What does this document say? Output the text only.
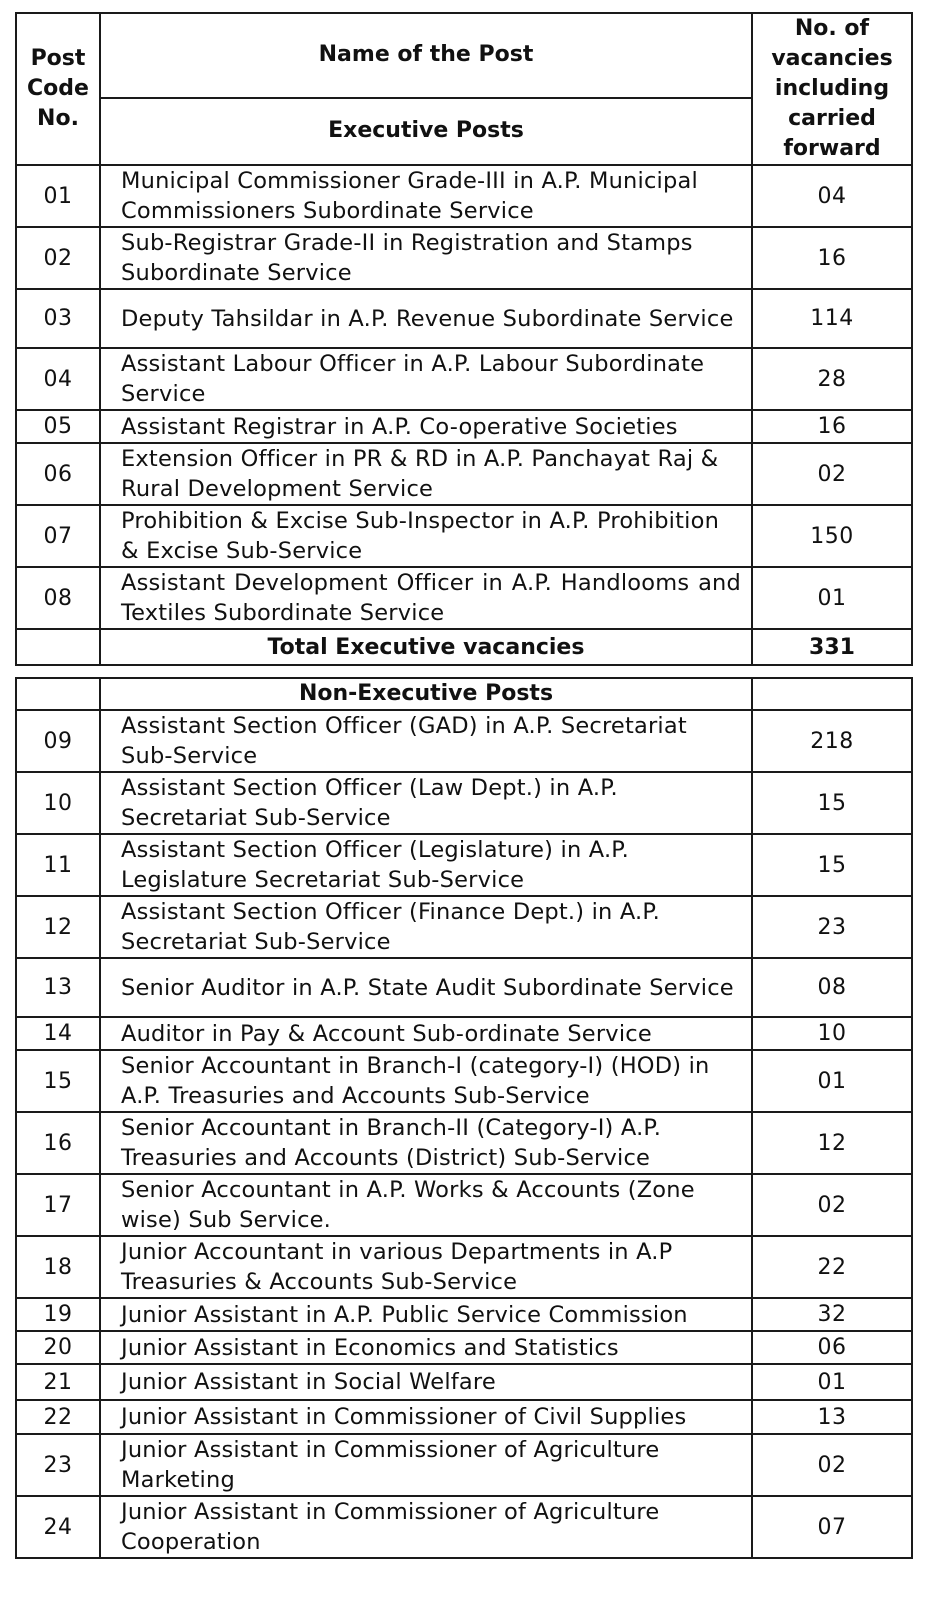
Post Code No.	Name of the Post	No. of vacancies including carried forward
	Executive Posts	
01	Municipal Commissioner Grade-III in A.P. Municipal Commissioners Subordinate Service	04
02	Sub-Registrar Grade-II in Registration and Stamps Subordinate Service	16
03	Deputy Tahsildar in A.P. Revenue Subordinate Service	114
04	Assistant Labour Officer in A.P. Labour Subordinate Service	28
05	Assistant Registrar in A.P. Co-operative Societies	16
06	Extension Officer in PR & RD in A.P. Panchayat Raj & Rural Development Service	02
07	Prohibition & Excise Sub-Inspector in A.P. Prohibition & Excise Sub-Service	150
08	Assistant Development Officer in A.P. Handlooms and Textiles Subordinate Service	01
	Total Executive vacancies	331
	Non-Executive Posts	
09	Assistant Section Officer (GAD) in A.P. Secretariat Sub-Service	218
10	Assistant Section Officer (Law Dept.) in A.P. Secretariat Sub-Service	15
11	Assistant Section Officer (Legislature) in A.P. Legislature Secretariat Sub-Service	15
12	Assistant Section Officer (Finance Dept.) in A.P. Secretariat Sub-Service	23
13	Senior Auditor in A.P. State Audit Subordinate Service	08
14	Auditor in Pay & Account Sub-ordinate Service	10
15	Senior Accountant in Branch-I (category-I) (HOD) in A.P. Treasuries and Accounts Sub-Service	01
16	Senior Accountant in Branch-II (Category-I) A.P. Treasuries and Accounts (District) Sub-Service	12
17	Senior Accountant in A.P. Works & Accounts (Zone wise) Sub Service.	02
18	Junior Accountant in various Departments in A.P Treasuries & Accounts Sub-Service	22
19	Junior Assistant in A.P. Public Service Commission	32
20	Junior Assistant in Economics and Statistics	06
21	Junior Assistant in Social Welfare	01
22	Junior Assistant in Commissioner of Civil Supplies	13
23	Junior Assistant in Commissioner of Agriculture Marketing	02
24	Junior Assistant in Commissioner of Agriculture Cooperation	07
